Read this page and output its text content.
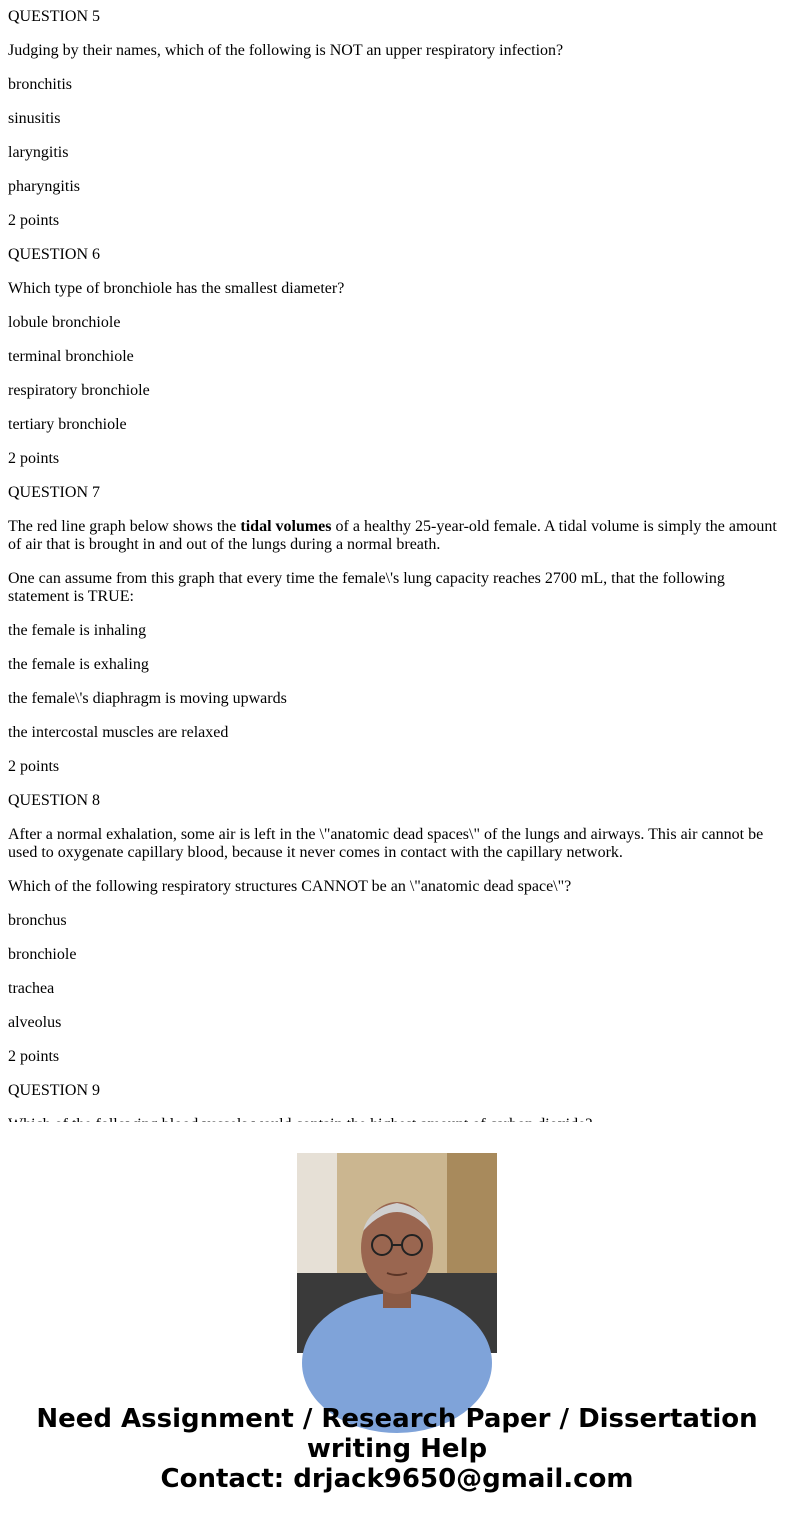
QUESTION 5

Judging by their names, which of the following is NOT an upper respiratory infection?

bronchitis

sinusitis

laryngitis

pharyngitis

2 points

QUESTION 6

Which type of bronchiole has the smallest diameter?

lobule bronchiole

terminal bronchiole

respiratory bronchiole

tertiary bronchiole

2 points

QUESTION 7

The red line graph below shows the tidal volumes of a healthy 25-year-old female. A tidal volume is simply the amount of air that is brought in and out of the lungs during a normal breath.

One can assume from this graph that every time the female\'s lung capacity reaches 2700 mL, that the following statement is TRUE:

the female is inhaling

the female is exhaling

the female\'s diaphragm is moving upwards

the intercostal muscles are relaxed

2 points

QUESTION 8

After a normal exhalation, some air is left in the \"anatomic dead spaces\" of the lungs and airways. This air cannot be used to oxygenate capillary blood, because it never comes in contact with the capillary network.

Which of the following respiratory structures CANNOT be an \"anatomic dead space\"?

bronchus

bronchiole

trachea

alveolus

2 points

QUESTION 9

Need Assignment / Research Paper / Dissertation
writing Help
Contact: drjack9650@gmail.com
